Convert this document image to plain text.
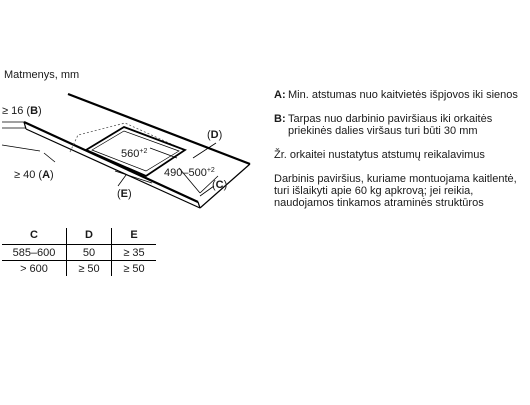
Matmenys, mm
≥ 16 (B)
≥ 40 (A)
(D)
(E)
(C)
$560^{+2}$
$490-500^{+2}$
C	D	E
585–600	50	≥ 35
> 600	≥ 50	≥ 50
A: Min. atstumas nuo kaitvietės išpjovos iki sienos
B: Tarpas nuo darbinio paviršiaus iki orkaitės priekinės dalies viršaus turi būti 30 mm
Žr. orkaitei nustatytus atstumų reikalavimus
Darbinis paviršius, kuriame montuojama kaitlentė, turi išlaikyti apie 60 kg apkrovą; jei reikia, naudojamos tinkamos atraminės struktūros
